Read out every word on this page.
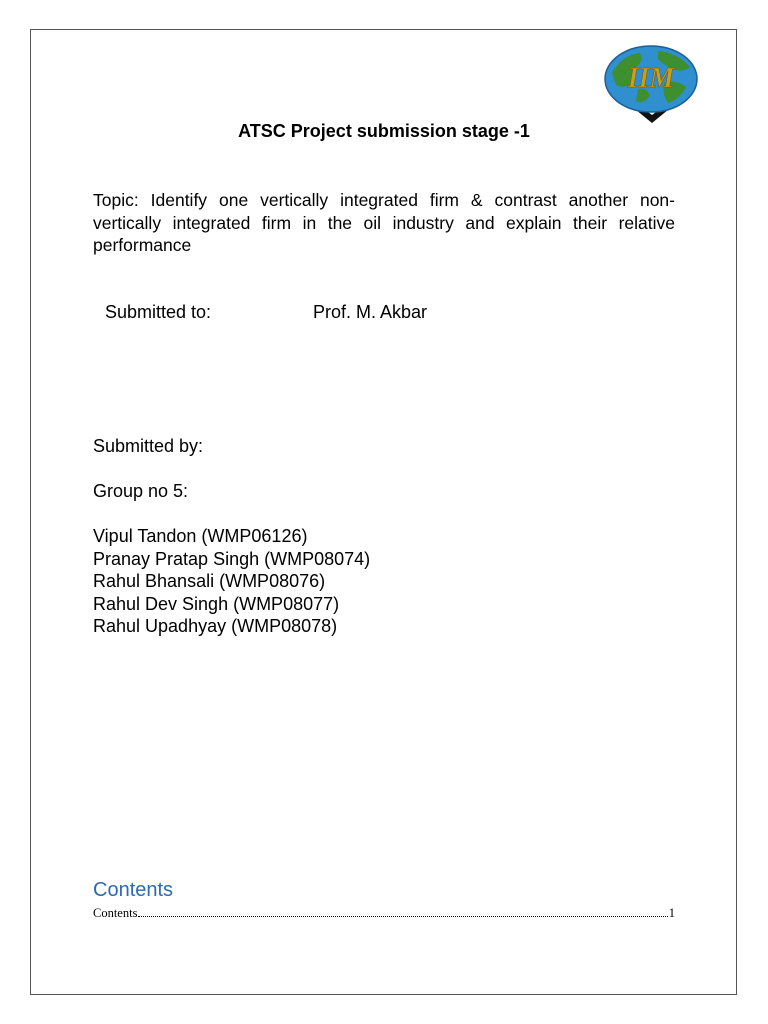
IIM
ATSC Project submission stage -1

Topic: Identify one vertically integrated firm & contrast another non- vertically integrated firm in the oil industry and explain their relative performance

Submitted to:	Prof. M. Akbar
Submitted by:
Group no 5:
Vipul Tandon (WMP06126)
Pranay Pratap Singh (WMP08074)
Rahul Bhansali (WMP08076)
Rahul Dev Singh (WMP08077)
Rahul Upadhyay (WMP08078)
Contents
Contents	1
